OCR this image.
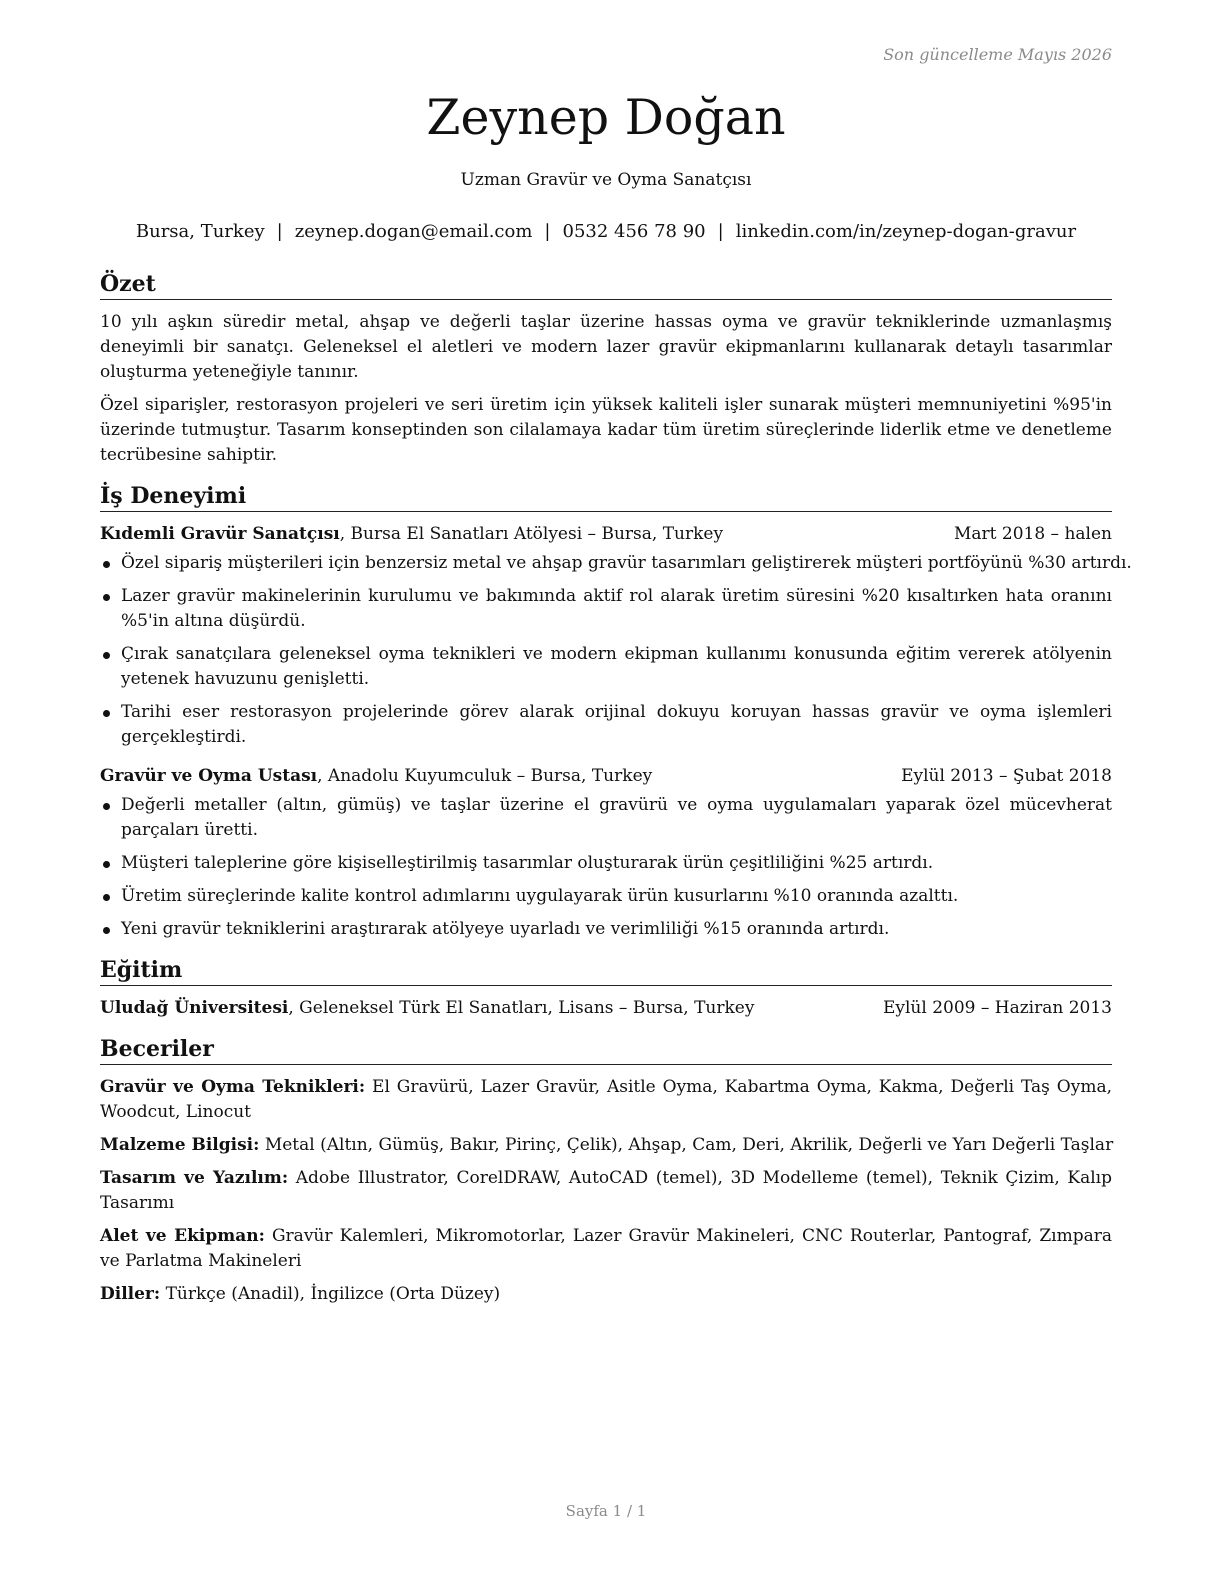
Son güncelleme Mayıs 2026
Zeynep Doğan
Uzman Gravür ve Oyma Sanatçısı
Bursa, Turkey | zeynep.dogan@email.com | 0532 456 78 90 | linkedin.com/in/zeynep-dogan-gravur
Özet

10 yılı aşkın süredir metal, ahşap ve değerli taşlar üzerine hassas oyma ve gravür tekniklerinde uzmanlaşmış deneyimli bir sanatçı. Geleneksel el aletleri ve modern lazer gravür ekipmanlarını kullanarak detaylı tasarımlar oluşturma yeteneğiyle tanınır.

Özel siparişler, restorasyon projeleri ve seri üretim için yüksek kaliteli işler sunarak müşteri memnuniyetini %95'in üzerinde tutmuştur. Tasarım konseptinden son cilalamaya kadar tüm üretim süreçlerinde liderlik etme ve denetleme tecrübesine sahiptir.

İş Deneyimi
Kıdemli Gravür Sanatçısı, Bursa El Sanatları Atölyesi – Bursa, Turkey	Mart 2018 – halen
Özel sipariş müşterileri için benzersiz metal ve ahşap gravür tasarımları geliştirerek müşteri portföyünü %30 artırdı.
Lazer gravür makinelerinin kurulumu ve bakımında aktif rol alarak üretim süresini %20 kısaltırken hata oranını %5'in altına düşürdü.
Çırak sanatçılara geleneksel oyma teknikleri ve modern ekipman kullanımı konusunda eğitim vererek atölyenin yetenek havuzunu genişletti.
Tarihi eser restorasyon projelerinde görev alarak orijinal dokuyu koruyan hassas gravür ve oyma işlemleri gerçekleştirdi.
Gravür ve Oyma Ustası, Anadolu Kuyumculuk – Bursa, Turkey	Eylül 2013 – Şubat 2018
Değerli metaller (altın, gümüş) ve taşlar üzerine el gravürü ve oyma uygulamaları yaparak özel mücevherat parçaları üretti.
Müşteri taleplerine göre kişiselleştirilmiş tasarımlar oluşturarak ürün çeşitliliğini %25 artırdı.
Üretim süreçlerinde kalite kontrol adımlarını uygulayarak ürün kusurlarını %10 oranında azalttı.
Yeni gravür tekniklerini araştırarak atölyeye uyarladı ve verimliliği %15 oranında artırdı.
Eğitim
Uludağ Üniversitesi, Geleneksel Türk El Sanatları, Lisans – Bursa, Turkey	Eylül 2009 – Haziran 2013
Beceriler
Gravür ve Oyma Teknikleri: El Gravürü, Lazer Gravür, Asitle Oyma, Kabartma Oyma, Kakma, Değerli Taş Oyma, Woodcut, Linocut
Malzeme Bilgisi: Metal (Altın, Gümüş, Bakır, Pirinç, Çelik), Ahşap, Cam, Deri, Akrilik, Değerli ve Yarı Değerli Taşlar
Tasarım ve Yazılım: Adobe Illustrator, CorelDRAW, AutoCAD (temel), 3D Modelleme (temel), Teknik Çizim, Kalıp Tasarımı
Alet ve Ekipman: Gravür Kalemleri, Mikromotorlar, Lazer Gravür Makineleri, CNC Routerlar, Pantograf, Zımpara ve Parlatma Makineleri
Diller: Türkçe (Anadil), İngilizce (Orta Düzey)
Sayfa 1 / 1
